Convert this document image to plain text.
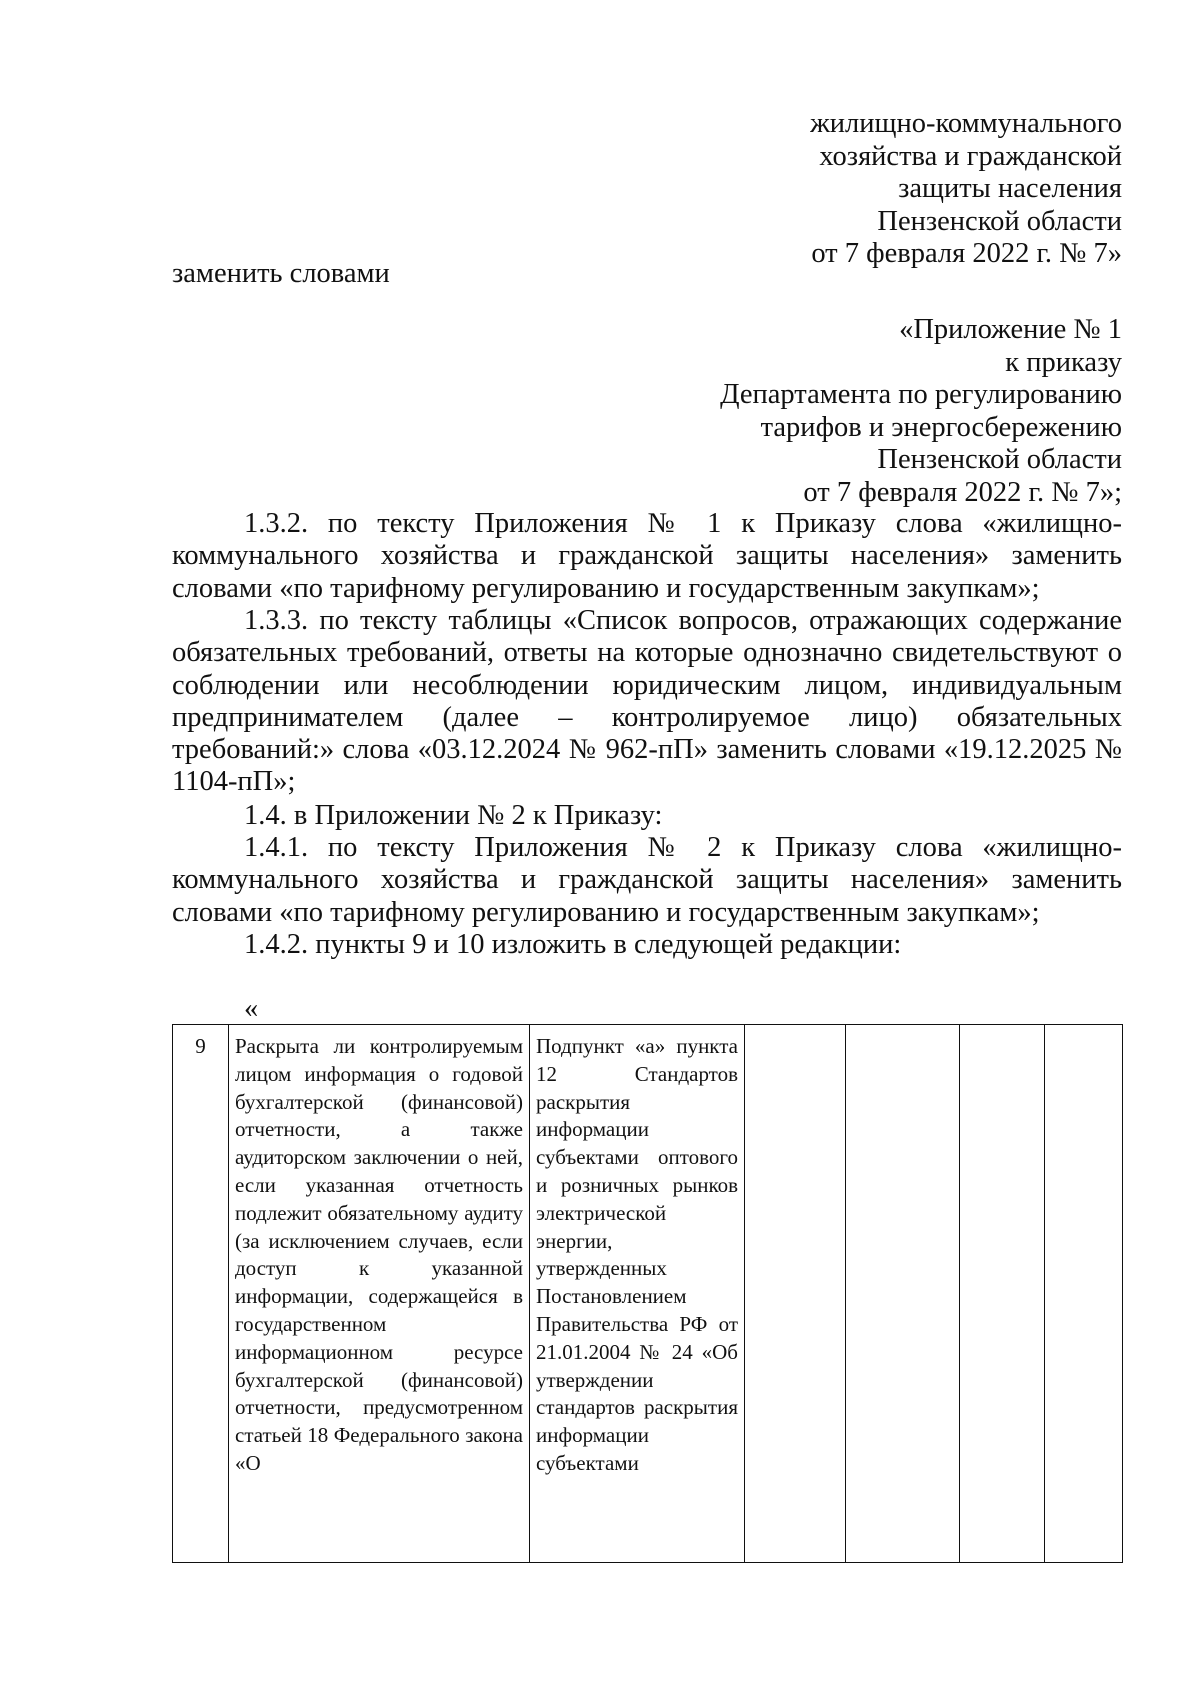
жилищно-коммунального
хозяйства и гражданской
защиты населения
Пензенской области
от 7 февраля 2022 г. № 7»
заменить словами
«Приложение № 1
к приказу
Департамента по регулированию
тарифов и энергосбережению
Пензенской области
от 7 февраля 2022 г. № 7»;

1.3.2. по тексту Приложения № 1 к Приказу слова «жилищно-коммунального хозяйства и гражданской защиты населения» заменить словами «по тарифному регулированию и государственным закупкам»;

1.3.3. по тексту таблицы «Список вопросов, отражающих содержание обязательных требований, ответы на которые однозначно свидетельствуют о соблюдении или несоблюдении юридическим лицом, индивидуальным предпринимателем (далее – контролируемое лицо) обязательных требований:» слова «03.12.2024 № 962-пП» заменить словами «19.12.2025 № 1104-пП»;

1.4. в Приложении № 2 к Приказу:

1.4.1. по тексту Приложения № 2 к Приказу слова «жилищно-коммунального хозяйства и гражданской защиты населения» заменить словами «по тарифному регулированию и государственным закупкам»;

1.4.2. пункты 9 и 10 изложить в следующей редакции:

«
9	Раскрыта ли контролируемым лицом информация о годовой бухгалтерской (финансовой) отчетности, а также аудиторском заключении о ней, если указанная отчетность подлежит обязательному аудиту (за исключением случаев, если доступ к указанной информации, содержащейся в государственном информационном ресурсе бухгалтерской (финансовой) отчетности, предусмотренном статьей 18 Федерального закона «О	Подпункт «а» пункта 12 Стандартов раскрытия информации субъектами оптового и розничных рынков электрической энергии, утвержденных Постановлением Правительства РФ от 21.01.2004 № 24 «Об утверждении стандартов раскрытия информации субъектами				
